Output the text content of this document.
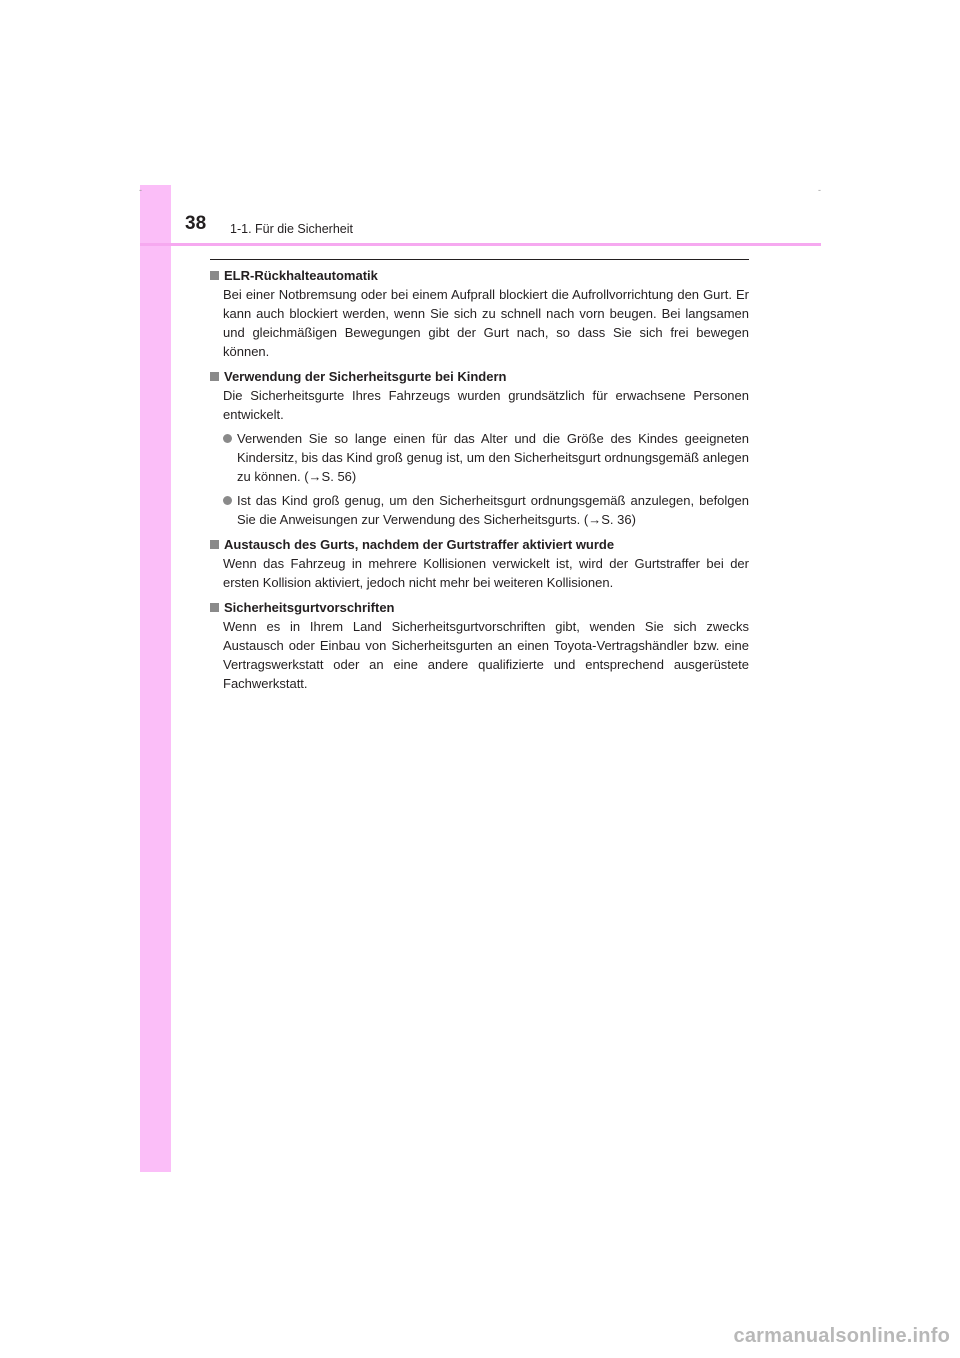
-	-
38 1-1. Für die Sicherheit
ELR-Rückhalteautomatik

Bei einer Notbremsung oder bei einem Aufprall blockiert die Aufrollvorrichtung den Gurt. Er kann auch blockiert werden, wenn Sie sich zu schnell nach vorn beugen. Bei langsamen und gleichmäßigen Bewegungen gibt der Gurt nach, so dass Sie sich frei bewegen können.

Verwendung der Sicherheitsgurte bei Kindern

Die Sicherheitsgurte Ihres Fahrzeugs wurden grundsätzlich für erwachsene Personen entwickelt.

Verwenden Sie so lange einen für das Alter und die Größe des Kindes geeigneten Kindersitz, bis das Kind groß genug ist, um den Sicherheitsgurt ordnungsgemäß anlegen zu können. (→S. 56)
Ist das Kind groß genug, um den Sicherheitsgurt ordnungsgemäß anzulegen, befolgen Sie die Anweisungen zur Verwendung des Sicherheitsgurts. (→S. 36)
Austausch des Gurts, nachdem der Gurtstraffer aktiviert wurde

Wenn das Fahrzeug in mehrere Kollisionen verwickelt ist, wird der Gurtstraffer bei der ersten Kollision aktiviert, jedoch nicht mehr bei weiteren Kollisionen.

Sicherheitsgurtvorschriften

Wenn es in Ihrem Land Sicherheitsgurtvorschriften gibt, wenden Sie sich zwecks Austausch oder Einbau von Sicherheitsgurten an einen Toyota-Vertragshändler bzw. eine Vertragswerkstatt oder an eine andere qualifizierte und entsprechend ausgerüstete Fachwerkstatt.

carmanualsonline.info
